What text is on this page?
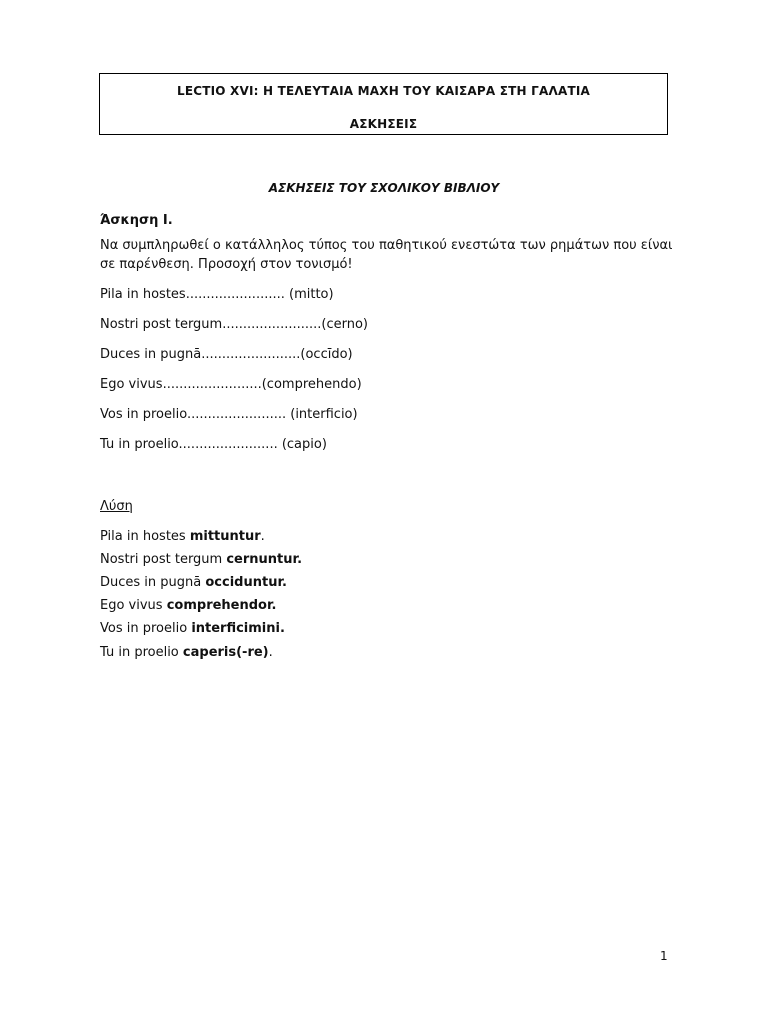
LECTIO XVI: Η ΤΕΛΕΥΤΑΙΑ ΜΑΧΗ ΤΟΥ ΚΑΙΣΑΡΑ ΣΤΗ ΓΑΛΑΤΙΑ
ΑΣΚΗΣΕΙΣ
ΑΣΚΗΣΕΙΣ ΤΟΥ ΣΧΟΛΙΚΟΥ ΒΙΒΛΙΟΥ
Άσκηση Ι.
Να συμπληρωθεί ο κατάλληλος τύπος του παθητικού ενεστώτα των ρημάτων που είναι
σε παρένθεση. Προσοχή στον τονισμό!
Pila in hostes........................ (mitto)
Nostri post tergum........................(cerno)
Duces in pugnā........................(occīdo)
Ego vivus........................(comprehendo)
Vos in proelio........................ (interficio)
Tu in proelio........................ (capio)
Λύση
Pila in hostes mittuntur.
Nostri post tergum cernuntur.
Duces in pugnā occiduntur.
Ego vivus comprehendor.
Vos in proelio interficimini.
Tu in proelio caperis(-re).
1
